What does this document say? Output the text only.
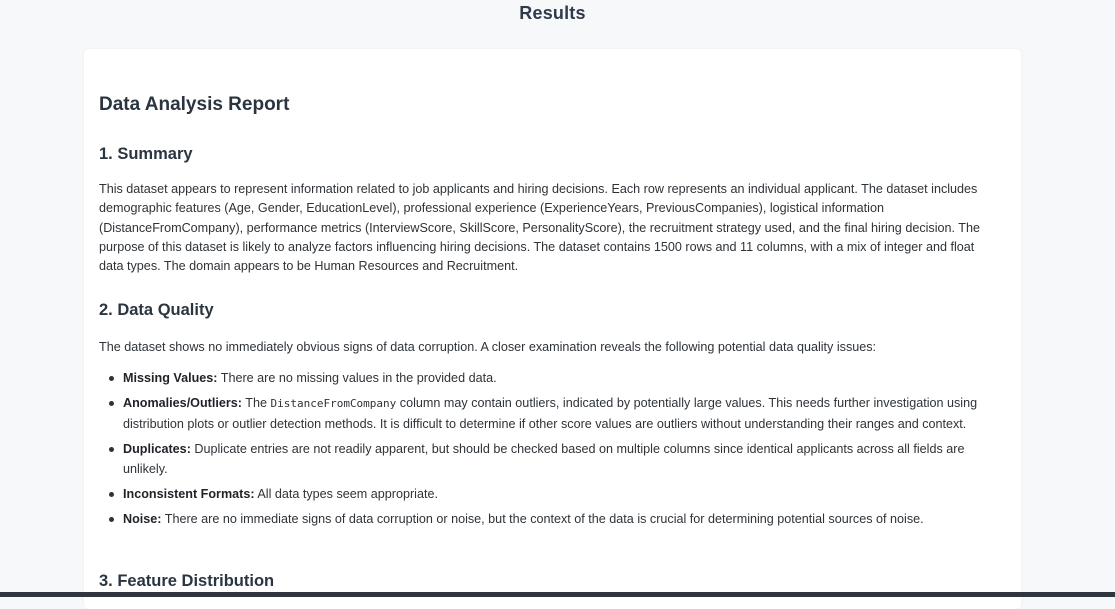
Results
Data Analysis Report
1. Summary

This dataset appears to represent information related to job applicants and hiring decisions. Each row represents an individual applicant. The dataset includes demographic features (Age, Gender, EducationLevel), professional experience (ExperienceYears, PreviousCompanies), logistical information (DistanceFromCompany), performance metrics (InterviewScore, SkillScore, PersonalityScore), the recruitment strategy used, and the final hiring decision. The purpose of this dataset is likely to analyze factors influencing hiring decisions. The dataset contains 1500 rows and 11 columns, with a mix of integer and float data types. The domain appears to be Human Resources and Recruitment.

2. Data Quality

The dataset shows no immediately obvious signs of data corruption. A closer examination reveals the following potential data quality issues:

Missing Values: There are no missing values in the provided data.
Anomalies/Outliers: The DistanceFromCompany column may contain outliers, indicated by potentially large values. This needs further investigation using distribution plots or outlier detection methods. It is difficult to determine if other score values are outliers without understanding their ranges and context.
Duplicates: Duplicate entries are not readily apparent, but should be checked based on multiple columns since identical applicants across all fields are unlikely.
Inconsistent Formats: All data types seem appropriate.
Noise: There are no immediate signs of data corruption or noise, but the context of the data is crucial for determining potential sources of noise.
3. Feature Distribution
